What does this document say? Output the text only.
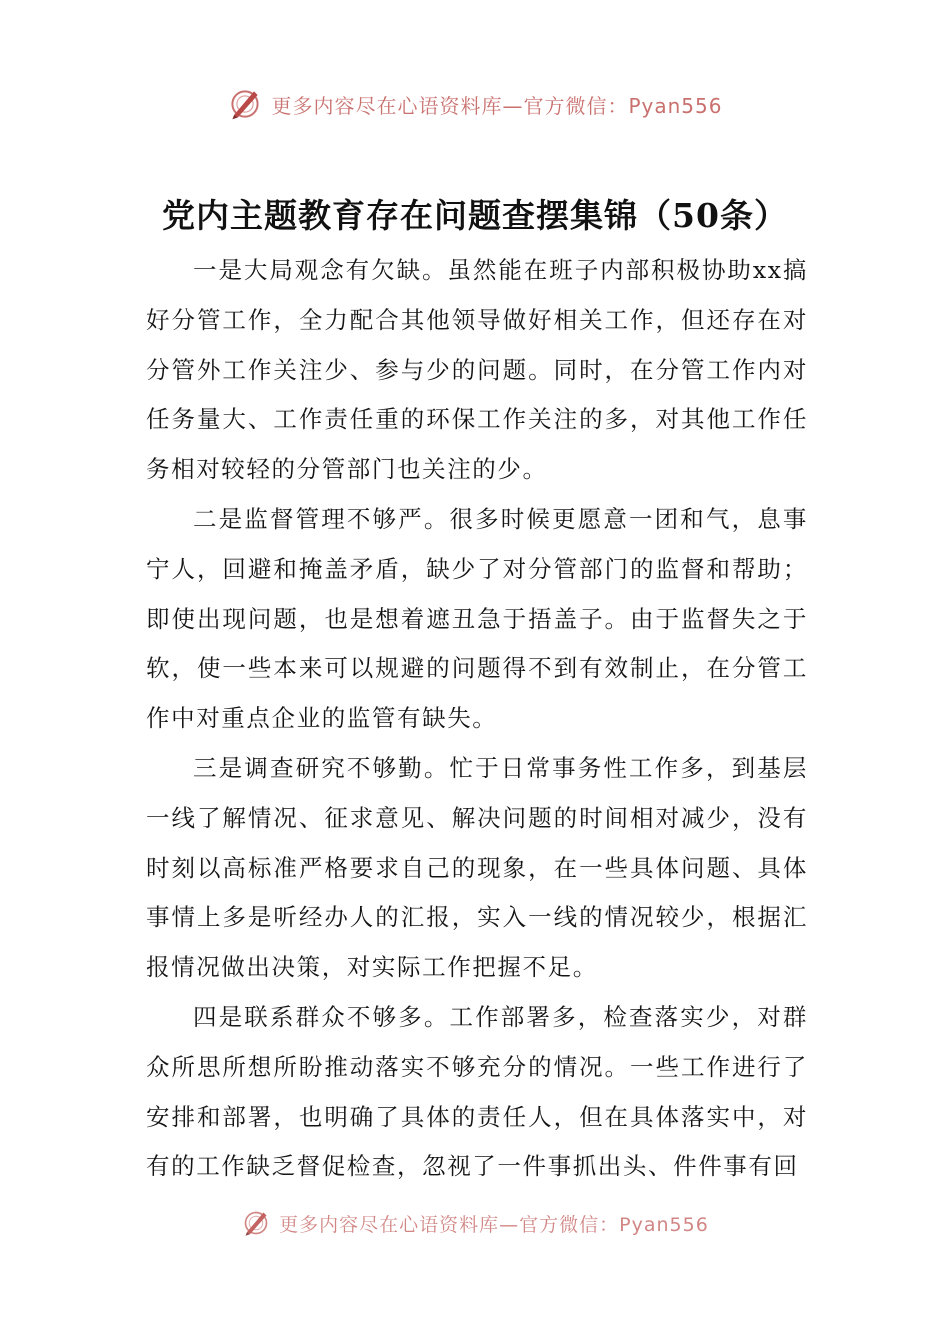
更多内容尽在心语资料库—官方微信：Pyan556
党内主题教育存在问题查摆集锦（50条）

一是大局观念有欠缺。虽然能在班子内部积极协助xx搞好分管工作，全力配合其他领导做好相关工作，但还存在对分管外工作关注少、参与少的问题。同时，在分管工作内对任务量大、工作责任重的环保工作关注的多，对其他工作任务相对较轻的分管部门也关注的少。

二是监督管理不够严。很多时候更愿意一团和气，息事宁人，回避和掩盖矛盾，缺少了对分管部门的监督和帮助；即使出现问题，也是想着遮丑急于捂盖子。由于监督失之于软，使一些本来可以规避的问题得不到有效制止，在分管工作中对重点企业的监管有缺失。

三是调查研究不够勤。忙于日常事务性工作多，到基层一线了解情况、征求意见、解决问题的时间相对减少，没有时刻以高标准严格要求自己的现象，在一些具体问题、具体事情上多是听经办人的汇报，实入一线的情况较少，根据汇报情况做出决策，对实际工作把握不足。

四是联系群众不够多。工作部署多，检查落实少，对群众所思所想所盼推动落实不够充分的情况。一些工作进行了安排和部署，也明确了具体的责任人，但在具体落实中，对有的工作缺乏督促检查，忽视了一件事抓出头、件件事有回

更多内容尽在心语资料库—官方微信：Pyan556
